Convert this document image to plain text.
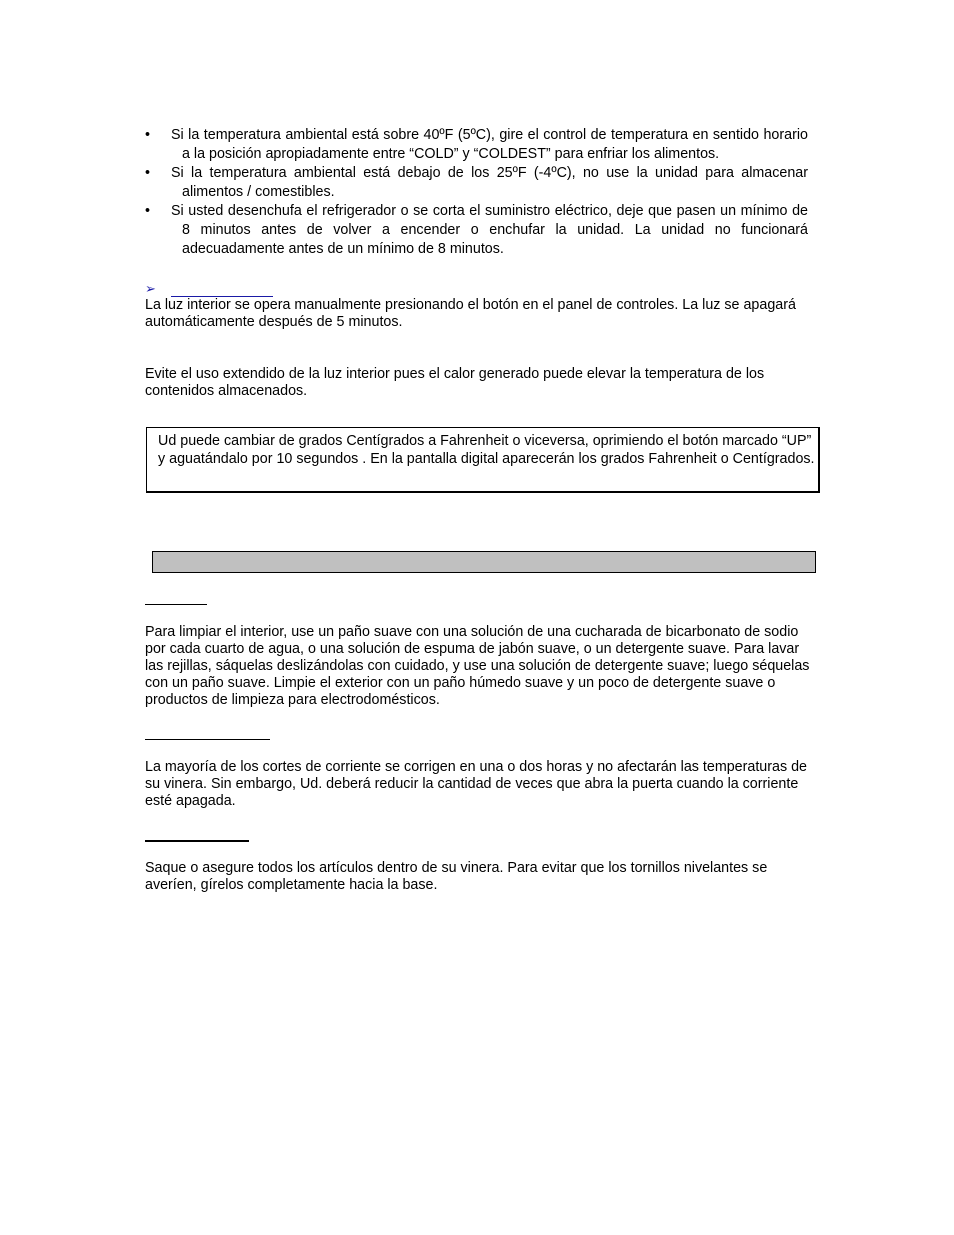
• Si la temperatura ambiental está sobre 40ºF (5ºC), gire el control de temperatura en sentido horario a la posición apropiadamente entre “COLD” y “COLDEST” para enfriar los alimentos.
• Si la temperatura ambiental está debajo de los 25ºF (-4ºC), no use la unidad para almacenar alimentos / comestibles.
• Si usted desenchufa el refrigerador o se corta el suministro eléctrico, deje que pasen un mínimo de 8 minutos antes de volver a encender o enchufar la unidad. La unidad no funcionará adecuadamente antes de un mínimo de 8 minutos.
➢
La luz interior se opera manualmente presionando el botón en el panel de controles. La luz se apagará automáticamente después de 5 minutos.
Evite el uso extendido de la luz interior pues el calor generado puede elevar la temperatura de los contenidos almacenados.
Ud puede cambiar de grados Centígrados a Fahrenheit o viceversa, oprimiendo el botón marcado “UP” y aguatándalo por 10 segundos . En la pantalla digital aparecerán los grados Fahrenheit o Centígrados.
Para limpiar el interior, use un paño suave con una solución de una cucharada de bicarbonato de sodio por cada cuarto de agua, o una solución de espuma de jabón suave, o un detergente suave. Para lavar las rejillas, sáquelas deslizándolas con cuidado, y use una solución de detergente suave; luego séquelas con un paño suave. Limpie el exterior con un paño húmedo suave y un poco de detergente suave o productos de limpieza para electrodomésticos.
La mayoría de los cortes de corriente se corrigen en una o dos horas y no afectarán las temperaturas de su vinera. Sin embargo, Ud. deberá reducir la cantidad de veces que abra la puerta cuando la corriente esté apagada.
Saque o asegure todos los artículos dentro de su vinera. Para evitar que los tornillos nivelantes se averíen, gírelos completamente hacia la base.
